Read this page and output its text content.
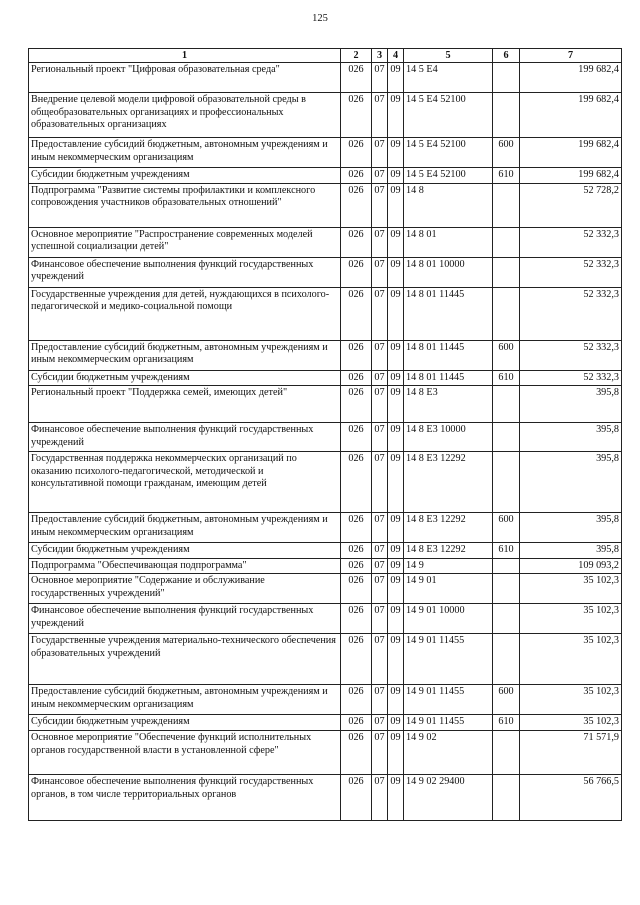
125
1	2	3	4	5	6	7
Региональный проект "Цифровая образовательная среда"	026	07	09	14 5 E4		199 682,4
Внедрение целевой модели цифровой образовательной среды в общеобразовательных организациях и профессиональных образовательных организациях	026	07	09	14 5 E4 52100		199 682,4
Предоставление субсидий бюджетным, автономным учреждениям и иным некоммерческим организациям	026	07	09	14 5 E4 52100	600	199 682,4
Субсидии бюджетным учреждениям	026	07	09	14 5 E4 52100	610	199 682,4
Подпрограмма "Развитие системы профилактики и комплексного сопровождения участников образовательных отношений"	026	07	09	14 8		52 728,2
Основное мероприятие "Распространение современных моделей успешной социализации детей"	026	07	09	14 8 01		52 332,3
Финансовое обеспечение выполнения функций государственных учреждений	026	07	09	14 8 01 10000		52 332,3
Государственные учреждения для детей, нуждающихся в психолого-педагогической и медико-социальной помощи	026	07	09	14 8 01 11445		52 332,3
Предоставление субсидий бюджетным, автономным учреждениям и иным некоммерческим организациям	026	07	09	14 8 01 11445	600	52 332,3
Субсидии бюджетным учреждениям	026	07	09	14 8 01 11445	610	52 332,3
Региональный проект "Поддержка семей, имеющих детей"	026	07	09	14 8 E3		395,8
Финансовое обеспечение выполнения функций государственных учреждений	026	07	09	14 8 E3 10000		395,8
Государственная поддержка некоммерческих организаций по оказанию психолого-педагогической, методической и консультативной помощи гражданам, имеющим детей	026	07	09	14 8 E3 12292		395,8
Предоставление субсидий бюджетным, автономным учреждениям и иным некоммерческим организациям	026	07	09	14 8 E3 12292	600	395,8
Субсидии бюджетным учреждениям	026	07	09	14 8 E3 12292	610	395,8
Подпрограмма "Обеспечивающая подпрограмма"	026	07	09	14 9		109 093,2
Основное мероприятие "Содержание и обслуживание государственных учреждений"	026	07	09	14 9 01		35 102,3
Финансовое обеспечение выполнения функций государственных учреждений	026	07	09	14 9 01 10000		35 102,3
Государственные учреждения материально-технического обеспечения образовательных учреждений	026	07	09	14 9 01 11455		35 102,3
Предоставление субсидий бюджетным, автономным учреждениям и иным некоммерческим организациям	026	07	09	14 9 01 11455	600	35 102,3
Субсидии бюджетным учреждениям	026	07	09	14 9 01 11455	610	35 102,3
Основное мероприятие "Обеспечение функций исполнительных органов государственной власти в установленной сфере"	026	07	09	14 9 02		71 571,9
Финансовое обеспечение выполнения функций государственных органов, в том числе территориальных органов	026	07	09	14 9 02 29400		56 766,5
